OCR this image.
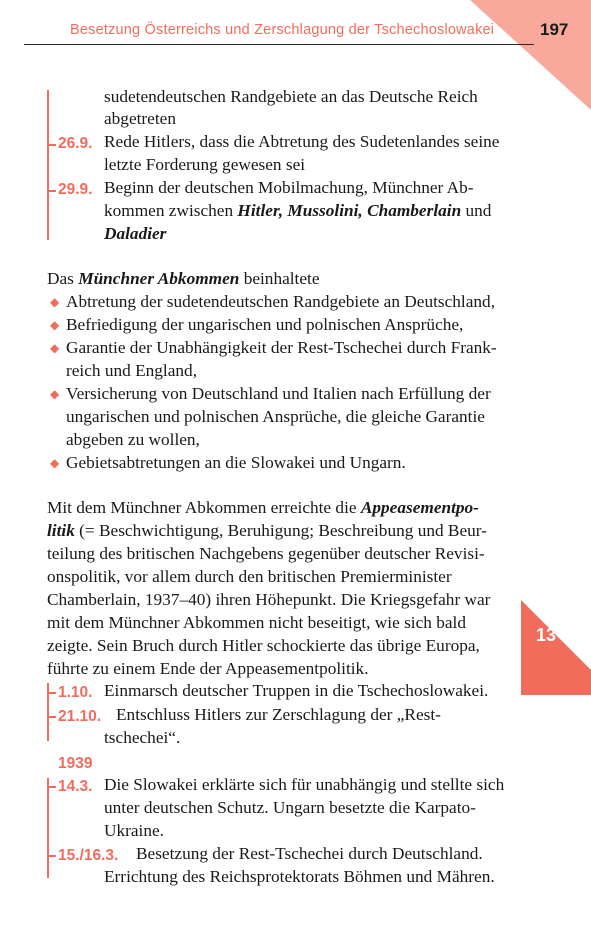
Besetzung Österreichs und Zerschlagung der Tschechoslowakei	197
13
sudetendeutschen Randgebiete an das Deutsche Reich
abgetreten
26.9. Rede Hitlers, dass die Abtretung des Sudetenlandes seine
letzte Forderung gewesen sei
29.9. Beginn der deutschen Mobilmachung, Münchner Ab-
kommen zwischen Hitler, Mussolini, Chamberlain und
Daladier
Das Münchner Abkommen beinhaltete
◆ Abtretung der sudetendeutschen Randgebiete an Deutschland,
◆ Befriedigung der ungarischen und polnischen Ansprüche,
◆ Garantie der Unabhängigkeit der Rest-Tschechei durch Frank-
reich und England,
◆ Versicherung von Deutschland und Italien nach Erfüllung der
ungarischen und polnischen Ansprüche, die gleiche Garantie
abgeben zu wollen,
◆ Gebietsabtretungen an die Slowakei und Ungarn.
Mit dem Münchner Abkommen erreichte die Appeasementpo-
litik (= Beschwichtigung, Beruhigung; Beschreibung und Beur-
teilung des britischen Nachgebens gegenüber deutscher Revisi-
onspolitik, vor allem durch den britischen Premierminister
Chamberlain, 1937–40) ihren Höhepunkt. Die Kriegsgefahr war
mit dem Münchner Abkommen nicht beseitigt, wie sich bald
zeigte. Sein Bruch durch Hitler schockierte das übrige Europa,
führte zu einem Ende der Appeasementpolitik.
1.10. Einmarsch deutscher Truppen in die Tschechoslowakei.
21.10. Entschluss Hitlers zur Zerschlagung der „Rest-
tschechei“.
1939
14.3. Die Slowakei erklärte sich für unabhängig und stellte sich
unter deutschen Schutz. Ungarn besetzte die Karpato-
Ukraine.
15./16.3. Besetzung der Rest-Tschechei durch Deutschland.
Errichtung des Reichsprotektorats Böhmen und Mähren.
